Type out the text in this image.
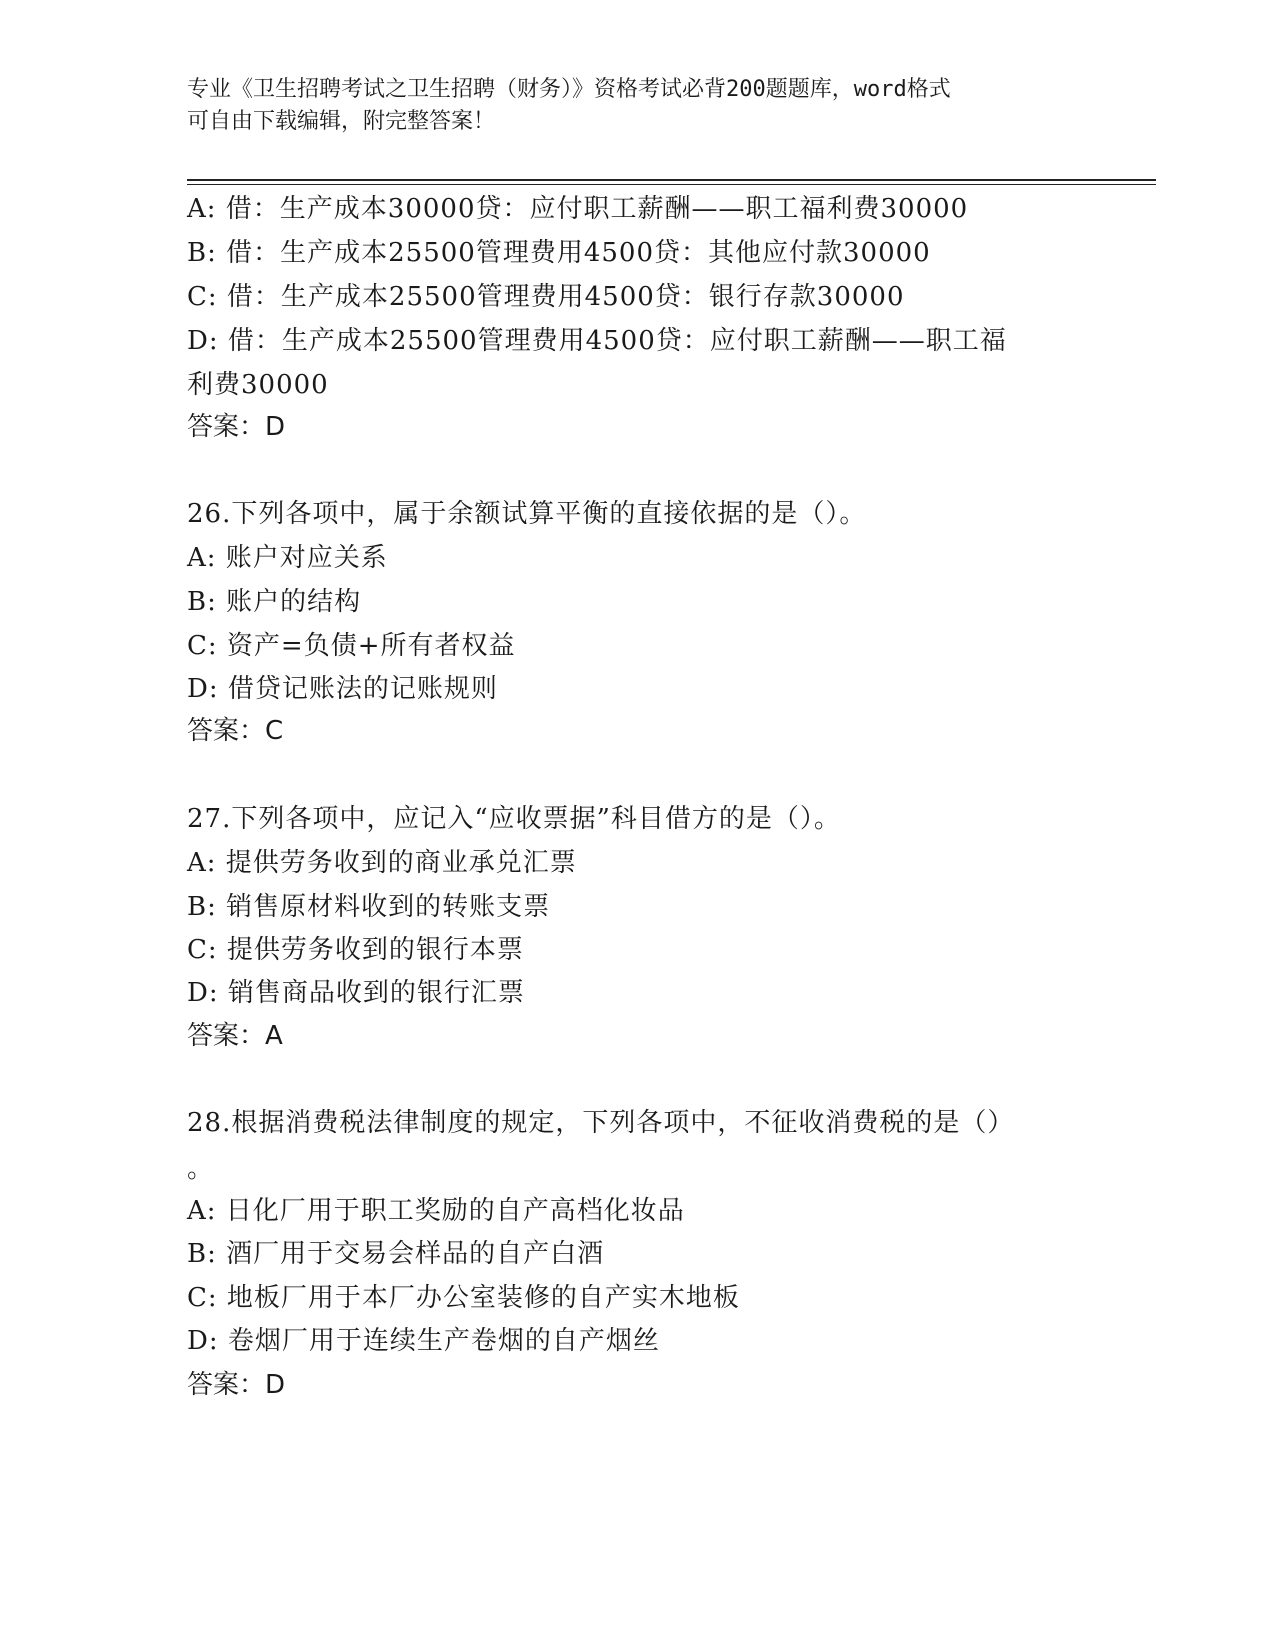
专业《卫生招聘考试之卫生招聘（财务）》资格考试必背200题题库，word格式
可自由下载编辑，附完整答案！
A: 借：生产成本30000贷：应付职工薪酬——职工福利费30000
B: 借：生产成本25500管理费用4500贷：其他应付款30000
C: 借：生产成本25500管理费用4500贷：银行存款30000
D: 借：生产成本25500管理费用4500贷：应付职工薪酬——职工福
利费30000
答案：D
26.下列各项中，属于余额试算平衡的直接依据的是（）。
A: 账户对应关系
B: 账户的结构
C: 资产=负债+所有者权益
D: 借贷记账法的记账规则
答案：C
27.下列各项中，应记入“应收票据”科目借方的是（）。
A: 提供劳务收到的商业承兑汇票
B: 销售原材料收到的转账支票
C: 提供劳务收到的银行本票
D: 销售商品收到的银行汇票
答案：A
28.根据消费税法律制度的规定，下列各项中，不征收消费税的是（）
。
A: 日化厂用于职工奖励的自产高档化妆品
B: 酒厂用于交易会样品的自产白酒
C: 地板厂用于本厂办公室装修的自产实木地板
D: 卷烟厂用于连续生产卷烟的自产烟丝
答案：D
